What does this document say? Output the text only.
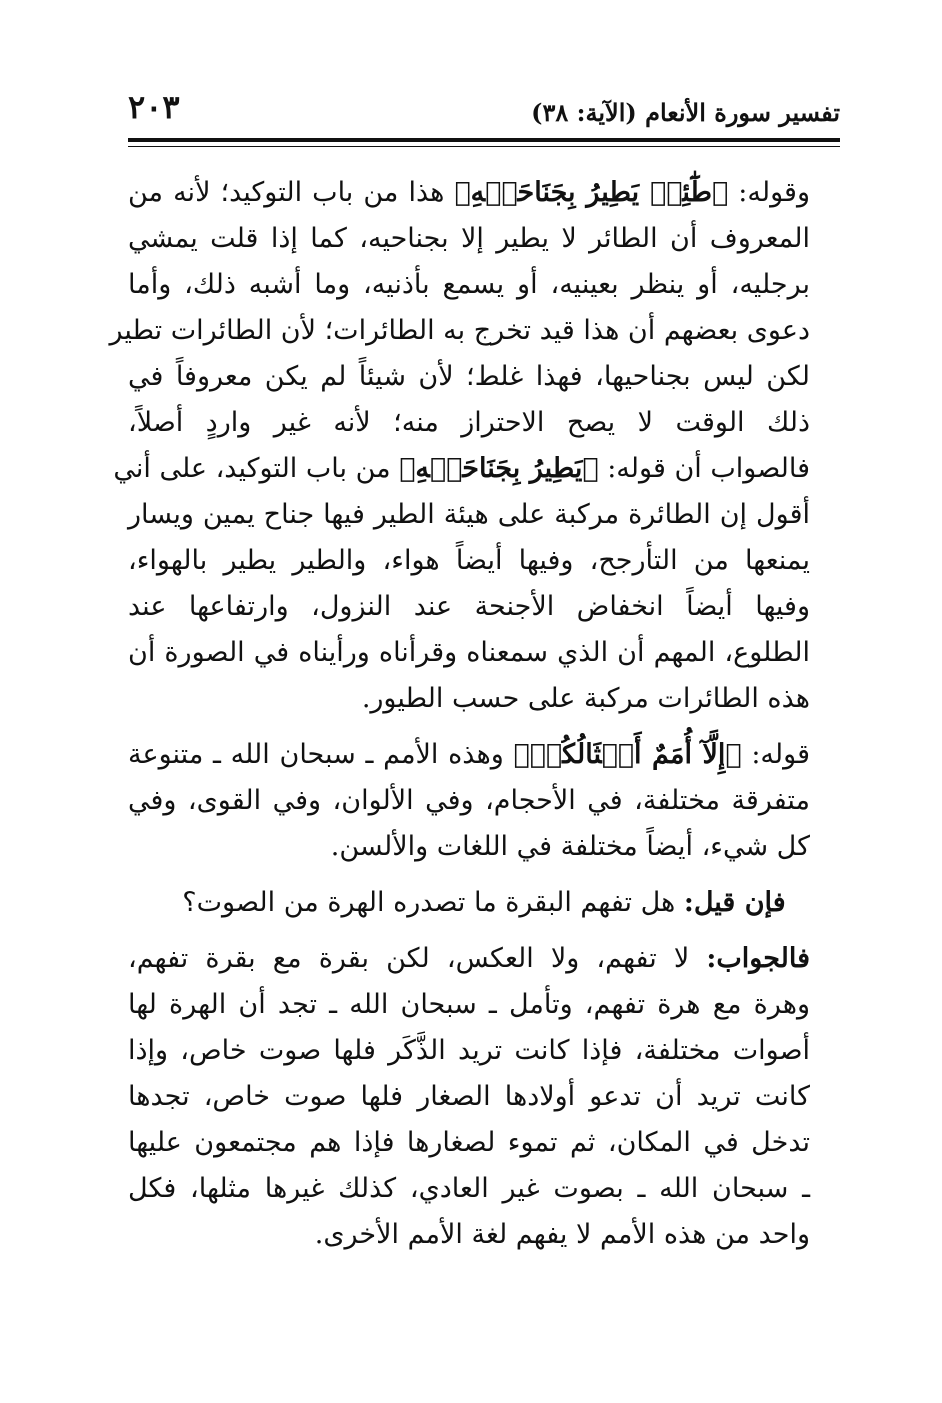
تفسير سورة الأنعام (الآية: ٣٨)
٢٠٣

وقوله: ﴿طَٰٓئِرٖ يَطِيرُ بِجَنَاحَيۡهِ﴾ هذا من باب التوكيد؛ لأنه من
المعروف أن الطائر لا يطير إلا بجناحيه، كما إذا قلت يمشي
برجليه، أو ينظر بعينيه، أو يسمع بأذنيه، وما أشبه ذلك، وأما
دعوى بعضهم أن هذا قيد تخرج به الطائرات؛ لأن الطائرات تطير
لكن ليس بجناحيها، فهذا غلط؛ لأن شيئاً لم يكن معروفاً في
ذلك الوقت لا يصح الاحتراز منه؛ لأنه غير واردٍ أصلاً،
فالصواب أن قوله: ﴿يَطِيرُ بِجَنَاحَيۡهِ﴾ من باب التوكيد، على أني
أقول إن الطائرة مركبة على هيئة الطير فيها جناح يمين ويسار
يمنعها من التأرجح، وفيها أيضاً هواء، والطير يطير بالهواء،
وفيها أيضاً انخفاض الأجنحة عند النزول، وارتفاعها عند
الطلوع، المهم أن الذي سمعناه وقرأناه ورأيناه في الصورة أن
هذه الطائرات مركبة على حسب الطيور.

قوله: ﴿إِلَّآ أُمَمٌ أَمۡثَالُكُمۚ﴾ وهذه الأمم ـ سبحان الله ـ متنوعة
متفرقة مختلفة، في الأحجام، وفي الألوان، وفي القوى، وفي
كل شيء، أيضاً مختلفة في اللغات والألسن.

فإن قيل: هل تفهم البقرة ما تصدره الهرة من الصوت؟

فالجواب: لا تفهم، ولا العكس، لكن بقرة مع بقرة تفهم،
وهرة مع هرة تفهم، وتأمل ـ سبحان الله ـ تجد أن الهرة لها
أصوات مختلفة، فإذا كانت تريد الذَّكَر فلها صوت خاص، وإذا
كانت تريد أن تدعو أولادها الصغار فلها صوت خاص، تجدها
تدخل في المكان، ثم تموء لصغارها فإذا هم مجتمعون عليها
ـ سبحان الله ـ بصوت غير العادي، كذلك غيرها مثلها، فكل
واحد من هذه الأمم لا يفهم لغة الأمم الأخرى.
